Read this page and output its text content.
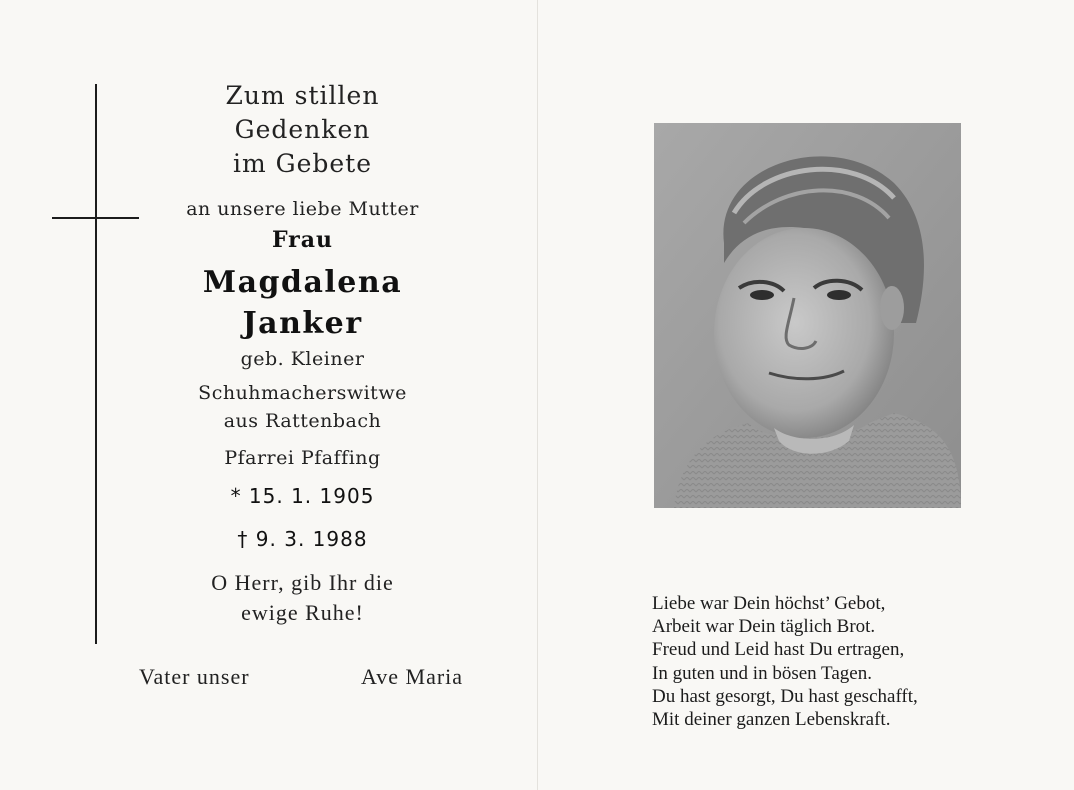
Zum stillen
Gedenken
im Gebete
an unsere liebe Mutter
Frau
Magdalena
Janker
geb. Kleiner
Schuhmacherswitwe
aus Rattenbach
Pfarrei Pfaffing
* 15. 1. 1905
† 9. 3. 1988
O Herr, gib Ihr die
ewige Ruhe!
Vater unser	Ave Maria
Liebe war Dein höchst’ Gebot,
Arbeit war Dein täglich Brot.
Freud und Leid hast Du ertragen,
In guten und in bösen Tagen.
Du hast gesorgt, Du hast geschafft,
Mit deiner ganzen Lebenskraft.
